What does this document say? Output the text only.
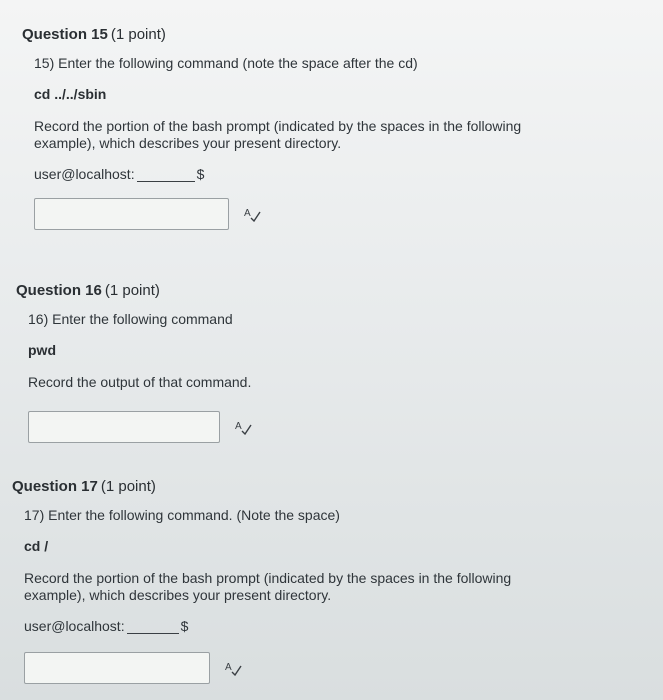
Question 15 (1 point)
15) Enter the following command (note the space after the cd)
cd ../../sbin
Record the portion of the bash prompt (indicated by the spaces in the following example), which describes your present directory.
user@localhost:	$
A
Question 16 (1 point)
16) Enter the following command
pwd
Record the output of that command.
A
Question 17 (1 point)
17) Enter the following command. (Note the space)
cd /
Record the portion of the bash prompt (indicated by the spaces in the following example), which describes your present directory.
user@localhost:	$
A
